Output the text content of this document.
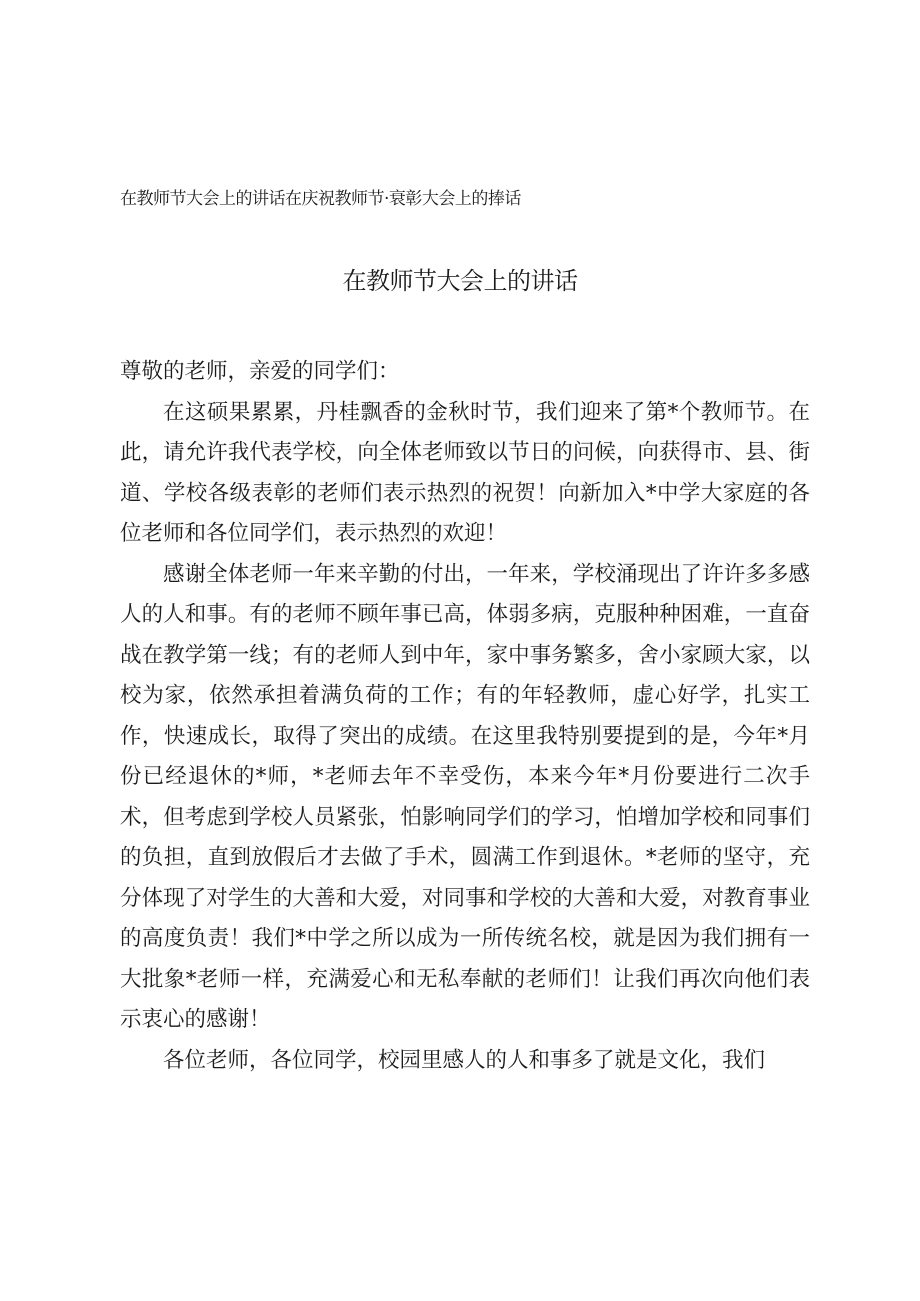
在教师节大会上的讲话在庆祝教师节·衰彰大会上的捧话
在教师节大会上的讲话

尊敬的老师，亲爱的同学们：

在这硕果累累，丹桂飘香的金秋时节，我们迎来了第*个教师节。在此，请允许我代表学校，向全体老师致以节日的问候，向获得市、县、街道、学校各级表彰的老师们表示热烈的祝贺！向新加入*中学大家庭的各位老师和各位同学们，表示热烈的欢迎！

感谢全体老师一年来辛勤的付出，一年来，学校涌现出了许许多多感人的人和事。有的老师不顾年事已高，体弱多病，克服种种困难，一直奋战在教学第一线；有的老师人到中年，家中事务繁多，舍小家顾大家，以校为家，依然承担着满负荷的工作；有的年轻教师，虚心好学，扎实工作，快速成长，取得了突出的成绩。在这里我特别要提到的是，今年*月份已经退休的*师，*老师去年不幸受伤，本来今年*月份要进行二次手术，但考虑到学校人员紧张，怕影响同学们的学习，怕增加学校和同事们的负担，直到放假后才去做了手术，圆满工作到退休。*老师的坚守，充分体现了对学生的大善和大爱，对同事和学校的大善和大爱，对教育事业的高度负责！我们*中学之所以成为一所传统名校，就是因为我们拥有一大批象*老师一样，充满爱心和无私奉献的老师们！让我们再次向他们表示衷心的感谢！

各位老师，各位同学，校园里感人的人和事多了就是文化，我们
